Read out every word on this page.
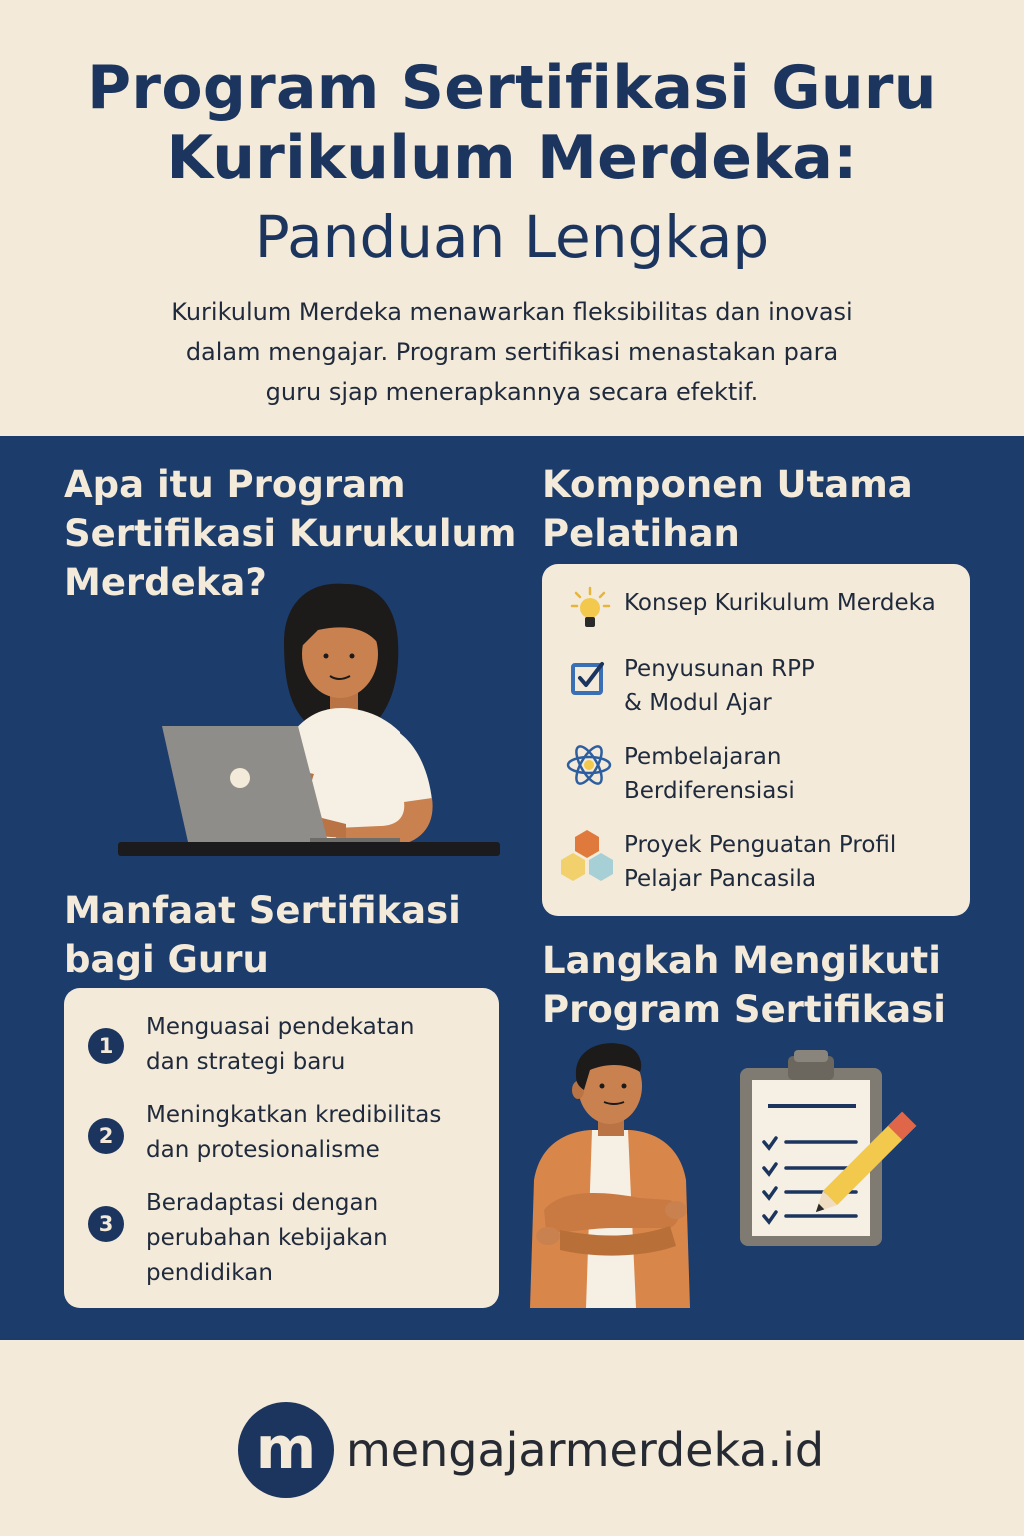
Program Sertifikasi Guru
Kurikulum Merdeka:
Panduan Lengkap
Kurikulum Merdeka menawarkan fleksibilitas dan inovasi
dalam mengajar. Program sertifikasi menastakan para
guru sjap menerapkannya secara efektif.
Apa itu Program
Sertifikasi Kurukulum
Merdeka?
Komponen Utama
Pelatihan
Konsep Kurikulum Merdeka
Penyusunan RPP
& Modul Ajar
Pembelajaran
Berdiferensiasi
Proyek Penguatan Profil
Pelajar Pancasila
Manfaat Sertifikasi
bagi Guru
1
Menguasai pendekatan
dan strategi baru
2
Meningkatkan kredibilitas
dan protesionalisme
3
Beradaptasi dengan
perubahan kebijakan
pendidikan
Langkah Mengikuti
Program Sertifikasi
m mengajarmerdeka.id
